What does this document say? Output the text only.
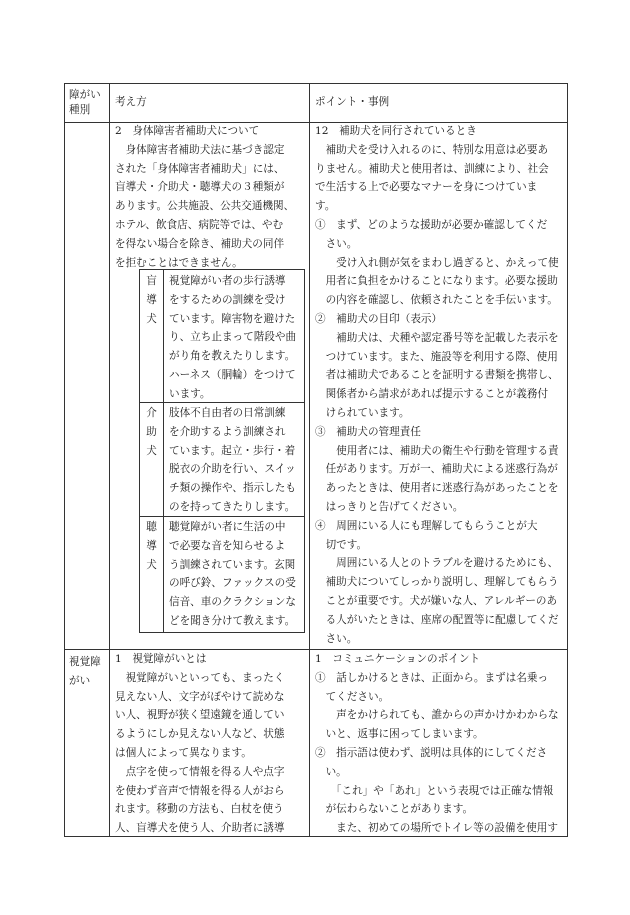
障がい
種別
考え方	ポイント・事例
2　身体障害者補助犬について
　身体障害者補助犬法に基づき認定
された「身体障害者補助犬」には、
盲導犬・介助犬・聴導犬の３種類が
あります。公共施設、公共交通機関、
ホテル、飲食店、病院等では、やむ
を得ない場合を除き、補助犬の同伴
を拒むことはできません。
盲
導
犬
視覚障がい者の歩行誘導
をするための訓練を受け
ています。障害物を避けた
り、立ち止まって階段や曲
がり角を教えたりします。
ハーネス（胴輪）をつけて
います。
介
助
犬
肢体不自由者の日常訓練
を介助するよう訓練され
ています。起立・歩行・着
脱衣の介助を行い、スイッ
チ類の操作や、指示したも
のを持ってきたりします。
聴
導
犬
聴覚障がい者に生活の中
で必要な音を知らせるよ
う訓練されています。玄関
の呼び鈴、ファックスの受
信音、車のクラクションな
どを聞き分けて教えます。
12　補助犬を同行されているとき
　補助犬を受け入れるのに、特別な用意は必要あ
りません。補助犬と使用者は、訓練により、社会
で生活する上で必要なマナーを身につけていま
す。
①　まず、どのような援助が必要か確認してくだ
　さい。
　　受け入れ側が気をまわし過ぎると、かえって使
　用者に負担をかけることになります。必要な援助
　の内容を確認し、依頼されたことを手伝います。
②　補助犬の目印（表示）
　　補助犬は、犬種や認定番号等を記載した表示を
　つけています。また、施設等を利用する際、使用
　者は補助犬であることを証明する書類を携帯し、
　関係者から請求があれば提示することが義務付
　けられています。
③　補助犬の管理責任
　　使用者には、補助犬の衛生や行動を管理する責
　任があります。万が一、補助犬による迷惑行為が
　あったときは、使用者に迷惑行為があったことを
　はっきりと告げてください。
④　周囲にいる人にも理解してもらうことが大
　切です。
　　周囲にいる人とのトラブルを避けるためにも、
　補助犬についてしっかり説明し、理解してもらう
　ことが重要です。犬が嫌いな人、アレルギーのあ
　る人がいたときは、座席の配置等に配慮してくだ
　さい。
視覚障
がい
1　視覚障がいとは
　視覚障がいといっても、まったく
見えない人、文字がぼやけて読めな
い人、視野が狭く望遠鏡を通してい
るようにしか見えない人など、状態
は個人によって異なります。
　点字を使って情報を得る人や点字
を使わず音声で情報を得る人がおら
れます。移動の方法も、白杖を使う
人、盲導犬を使う人、介助者に誘導
1　コミュニケーションのポイント
①　話しかけるときは、正面から。まずは名乗っ
　てください。
　　声をかけられても、誰からの声かけかわからな
　いと、返事に困ってしまいます。
②　指示語は使わず、説明は具体的にしてくださ
　い。
　　「これ」や「あれ」という表現では正確な情報
　が伝わらないことがあります。
　　また、初めての場所でトイレ等の設備を使用す
